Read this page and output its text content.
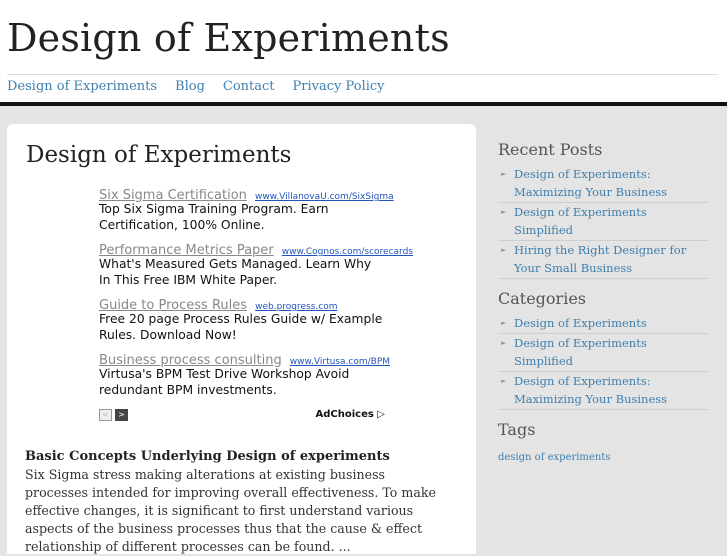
Design of Experiments
Design of Experiments Blog Contact Privacy Policy
Design of Experiments
Six Sigma Certification www.VillanovaU.com/SixSigma
Top Six Sigma Training Program. Earn Certification, 100% Online.
Performance Metrics Paper www.Cognos.com/scorecards
What's Measured Gets Managed. Learn Why In This Free IBM White Paper.
Guide to Process Rules web.progress.com
Free 20 page Process Rules Guide w/ Example Rules. Download Now!
Business process consulting www.Virtusa.com/BPM
Virtusa's BPM Test Drive Workshop Avoid redundant BPM investments.
<	>	AdChoices ▷
Basic Concepts Underlying Design of experiments
Six Sigma stress making alterations at existing business processes intended for improving overall effectiveness. To make effective changes, it is significant to first understand various aspects of the business processes thus that the cause & effect relationship of different processes can be found. ...
Recent Posts
► Design of Experiments: Maximizing Your Business
► Design of Experiments Simplified
► Hiring the Right Designer for Your Small Business
Categories
► Design of Experiments
► Design of Experiments Simplified
► Design of Experiments: Maximizing Your Business
Tags
design of experiments
